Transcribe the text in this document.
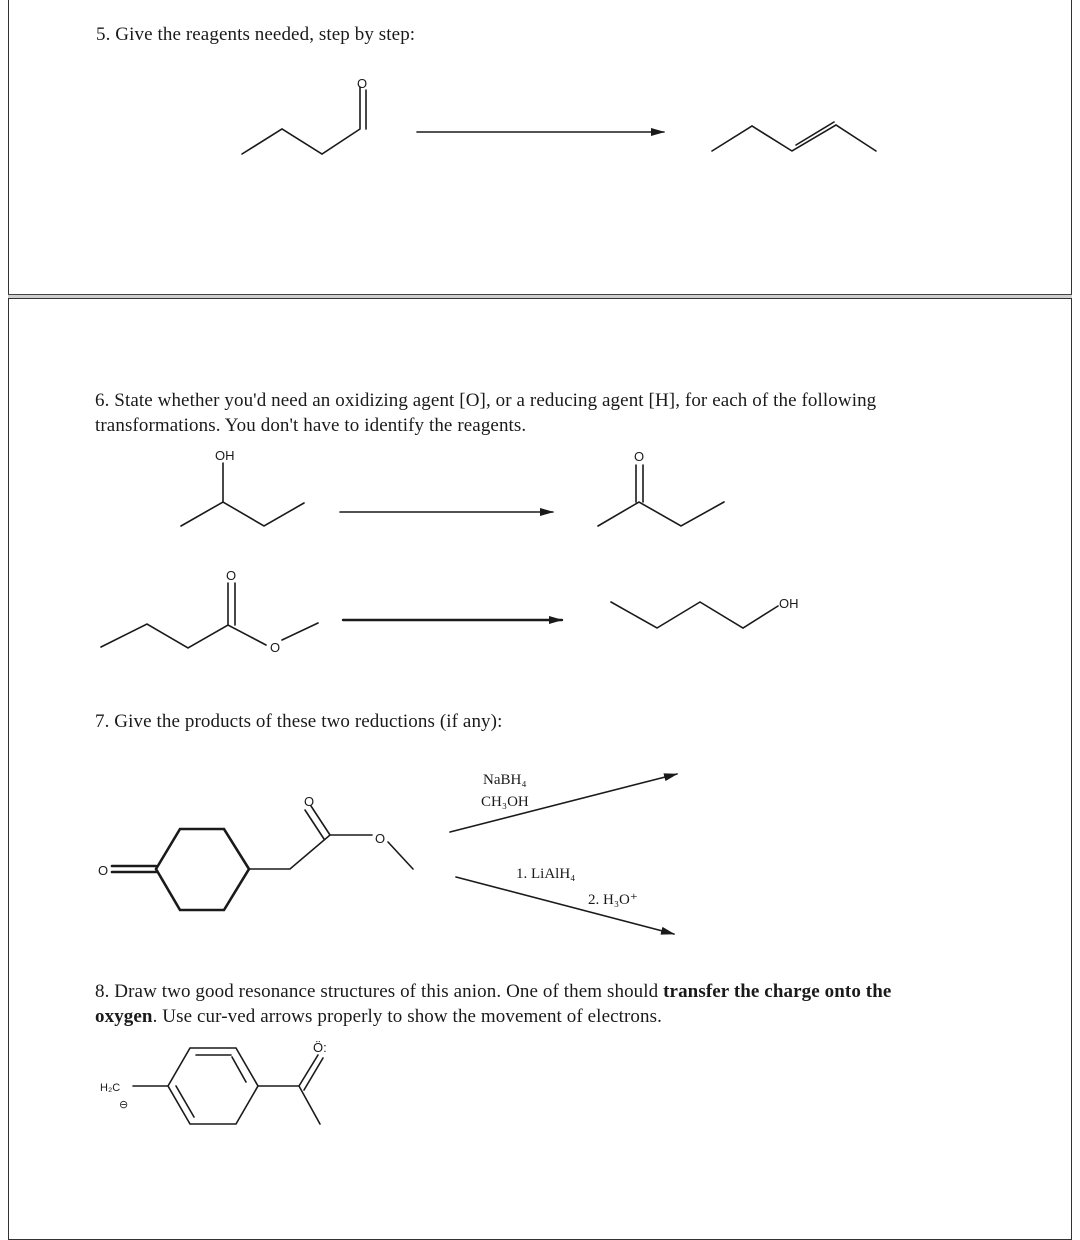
5. Give the reagents needed, step by step:
6. State whether you'd need an oxidizing agent [O], or a reducing agent [H], for each of the following
transformations. You don't have to identify the reagents.
7. Give the products of these two reductions (if any):
8. Draw two good resonance structures of this anion. One of them should transfer the charge onto the
oxygen. Use cur-ved arrows properly to show the movement of electrons.
O
OH	O
O
O
OH
O
O
O
H₂C
⊖
Ö:
NaBH₄
CH₃OH
1. LiAlH₄
2. H₃O⁺
